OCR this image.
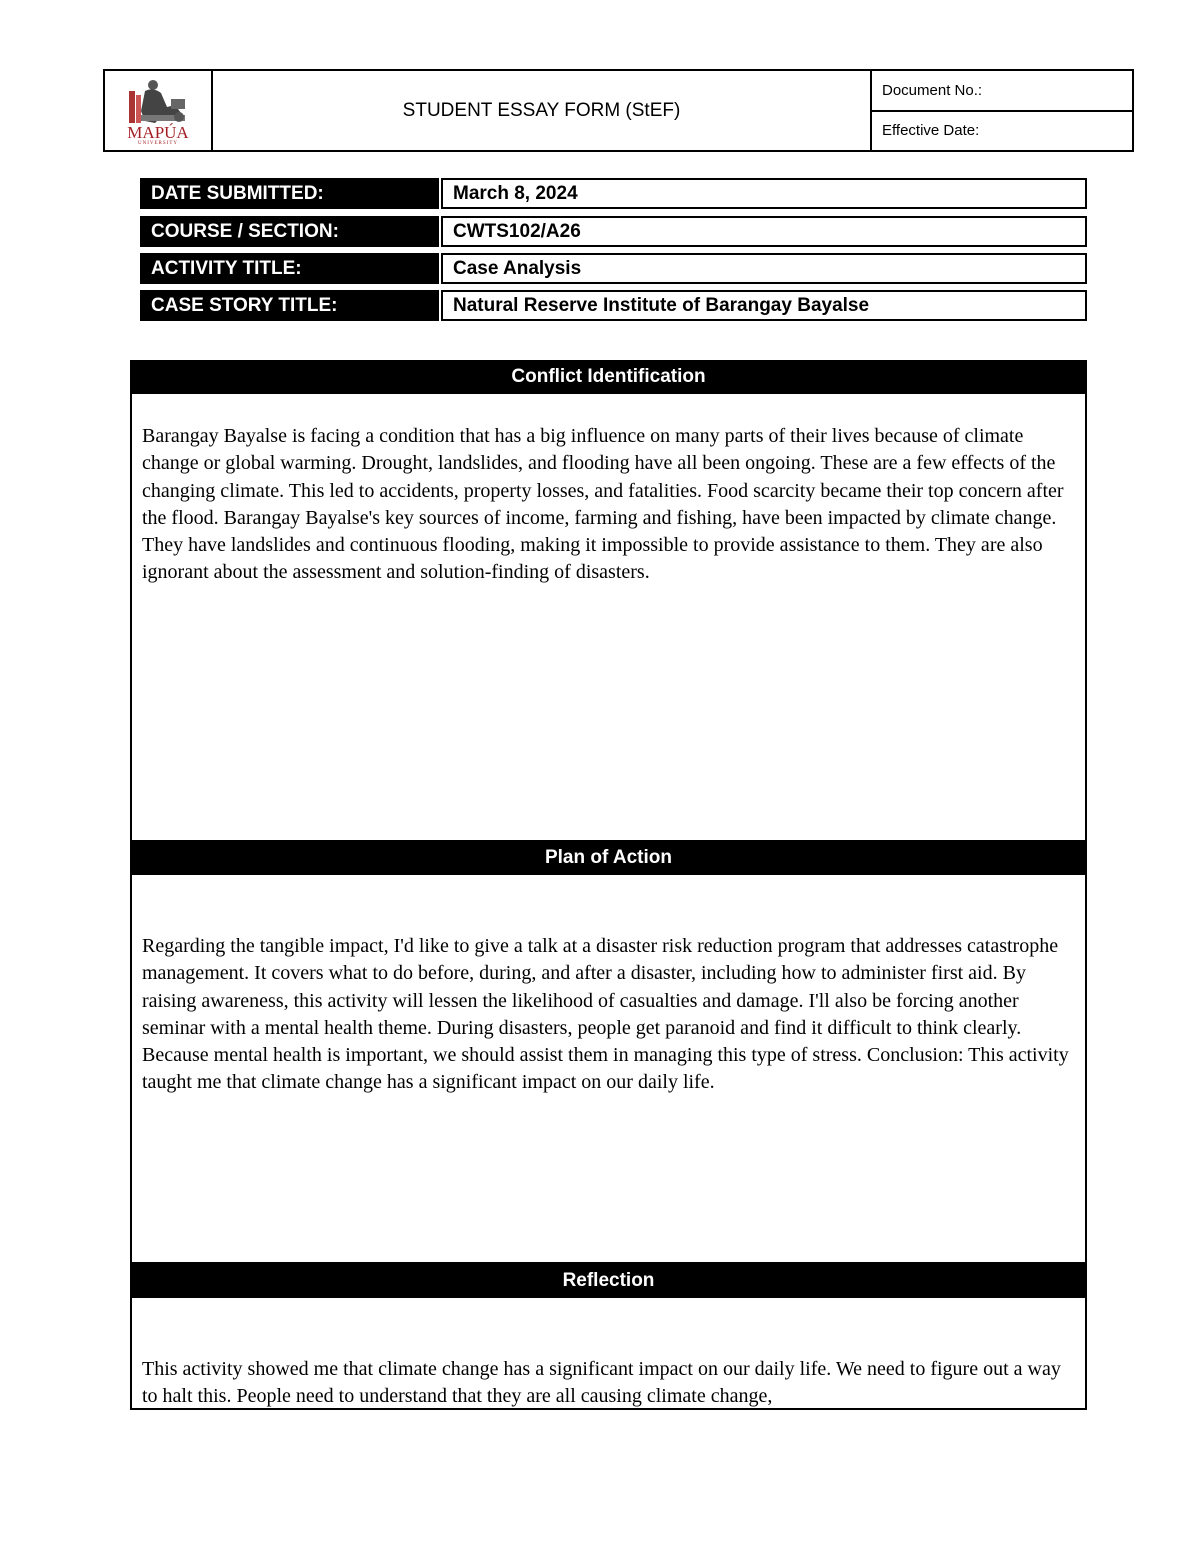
MAPÚA
UNIVERSITY
STUDENT ESSAY FORM (StEF)
Document No.:
Effective Date:
DATE SUBMITTED:	March 8, 2024
COURSE / SECTION:	CWTS102/A26
ACTIVITY TITLE:	Case Analysis
CASE STORY TITLE:	Natural Reserve Institute of Barangay Bayalse
Conflict Identification
Barangay Bayalse is facing a condition that has a big influence on many parts of their lives because of climate change or global warming. Drought, landslides, and flooding have all been ongoing. These are a few effects of the changing climate. This led to accidents, property losses, and fatalities. Food scarcity became their top concern after the flood. Barangay Bayalse's key sources of income, farming and fishing, have been impacted by climate change. They have landslides and continuous flooding, making it impossible to provide assistance to them. They are also ignorant about the assessment and solution-finding of disasters.
Plan of Action
Regarding the tangible impact, I'd like to give a talk at a disaster risk reduction program that addresses catastrophe management. It covers what to do before, during, and after a disaster, including how to administer first aid. By raising awareness, this activity will lessen the likelihood of casualties and damage. I'll also be forcing another seminar with a mental health theme. During disasters, people get paranoid and find it difficult to think clearly. Because mental health is important, we should assist them in managing this type of stress. Conclusion: This activity taught me that climate change has a significant impact on our daily life.
Reflection
This activity showed me that climate change has a significant impact on our daily life. We need to figure out a way to halt this. People need to understand that they are all causing climate change,
